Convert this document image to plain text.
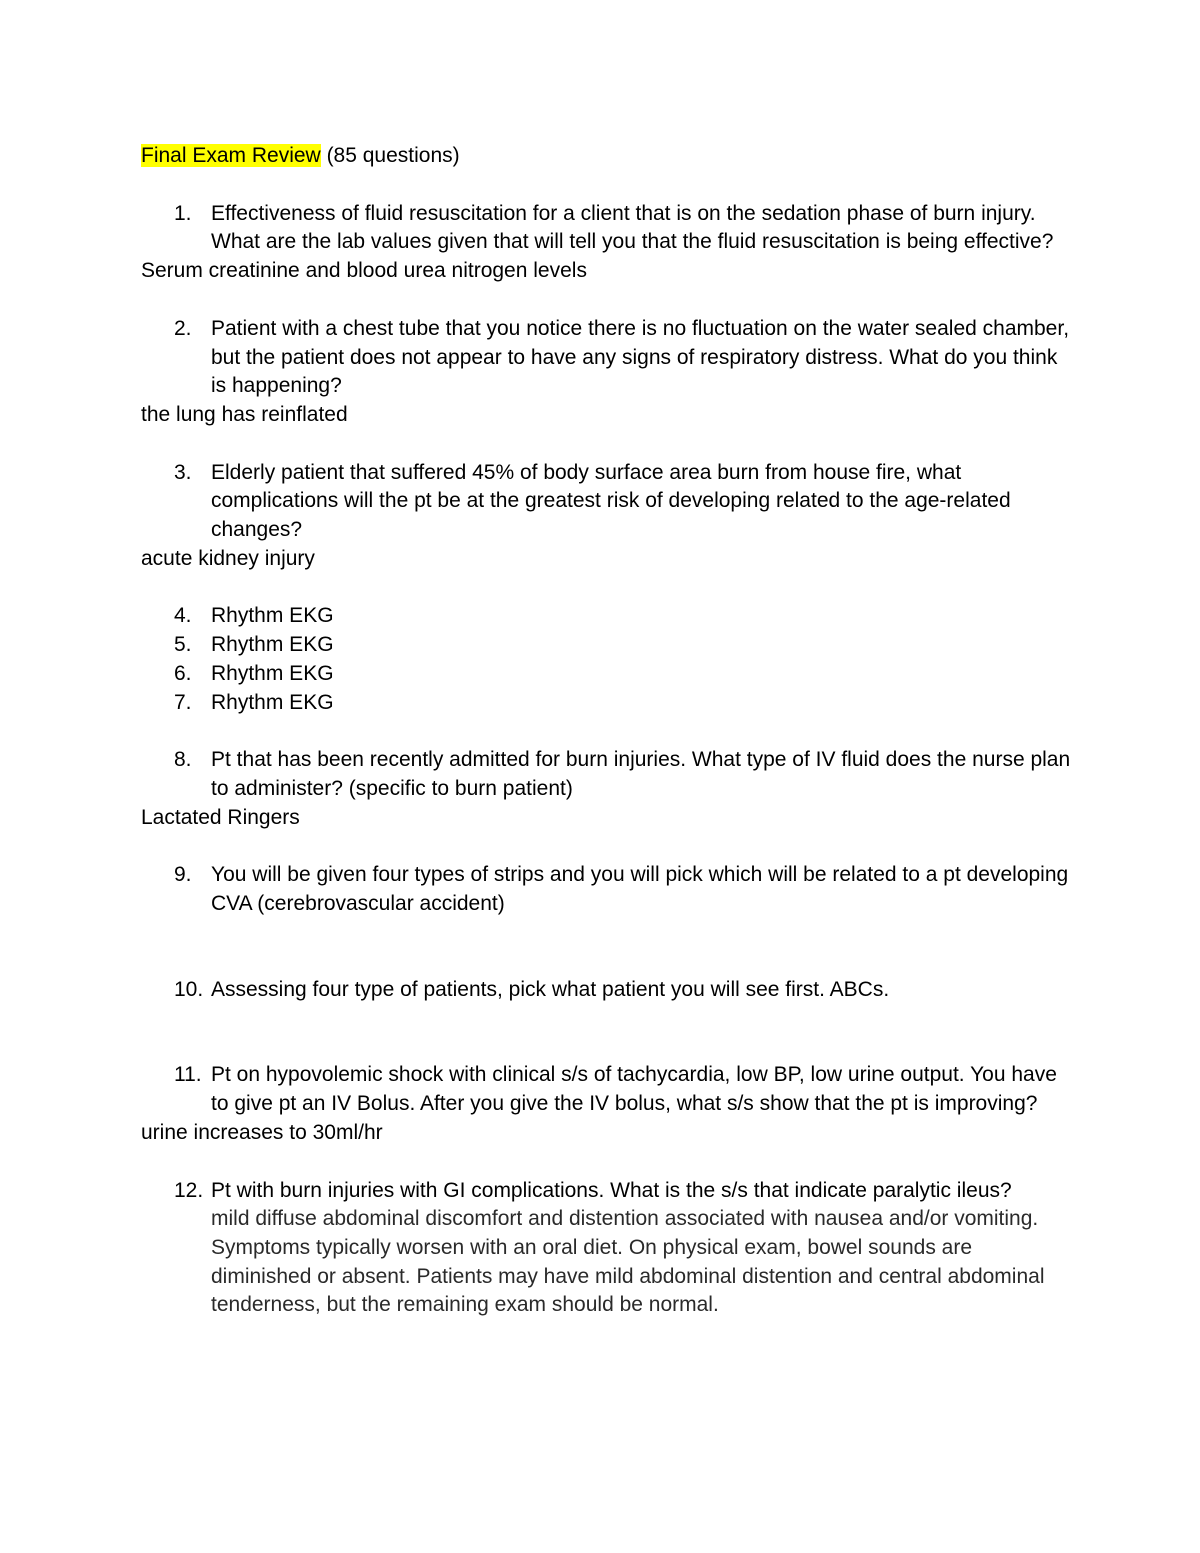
Final Exam Review (85 questions)

1. Effectiveness of fluid resuscitation for a client that is on the sedation phase of burn injury. What are the lab values given that will tell you that the fluid resuscitation is being effective?

Serum creatinine and blood urea nitrogen levels

2. Patient with a chest tube that you notice there is no fluctuation on the water sealed chamber, but the patient does not appear to have any signs of respiratory distress. What do you think is happening?

the lung has reinflated

3. Elderly patient that suffered 45% of body surface area burn from house fire, what complications will the pt be at the greatest risk of developing related to the age-related changes?

acute kidney injury

4. Rhythm EKG

5. Rhythm EKG

6. Rhythm EKG

7. Rhythm EKG

8. Pt that has been recently admitted for burn injuries. What type of IV fluid does the nurse plan to administer? (specific to burn patient)

Lactated Ringers

9. You will be given four types of strips and you will pick which will be related to a pt developing CVA (cerebrovascular accident)

10. Assessing four type of patients, pick what patient you will see first. ABCs.

11. Pt on hypovolemic shock with clinical s/s of tachycardia, low BP, low urine output. You have to give pt an IV Bolus. After you give the IV bolus, what s/s show that the pt is improving?

urine increases to 30ml/hr

12. Pt with burn injuries with GI complications. What is the s/s that indicate paralytic ileus?

mild diffuse abdominal discomfort and distention associated with nausea and/or vomiting. Symptoms typically worsen with an oral diet. On physical exam, bowel sounds are diminished or absent. Patients may have mild abdominal distention and central abdominal tenderness, but the remaining exam should be normal.
